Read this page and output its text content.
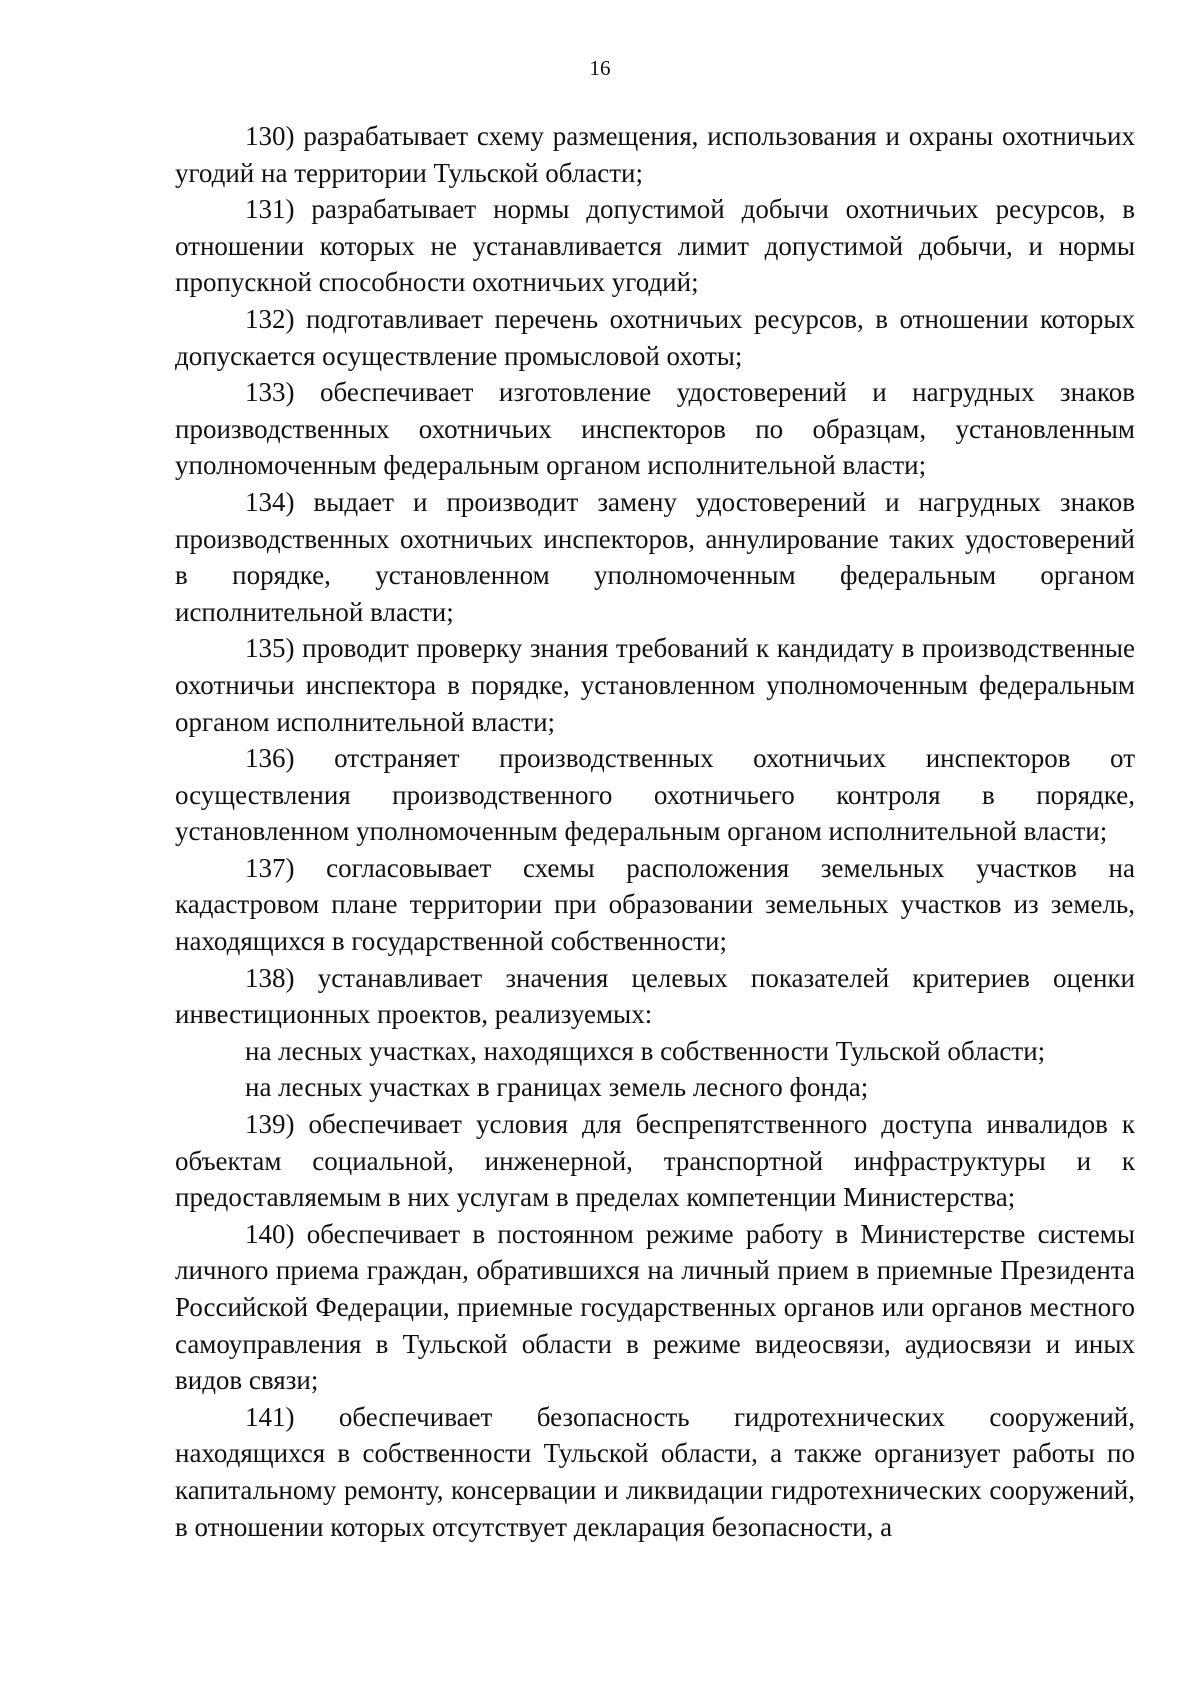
16

130) разрабатывает схему размещения, использования и охраны охотничьих угодий на территории Тульской области;

131) разрабатывает нормы допустимой добычи охотничьих ресурсов, в отношении которых не устанавливается лимит допустимой добычи, и нормы пропускной способности охотничьих угодий;

132) подготавливает перечень охотничьих ресурсов, в отношении которых допускается осуществление промысловой охоты;

133) обеспечивает изготовление удостоверений и нагрудных знаков производственных охотничьих инспекторов по образцам, установленным уполномоченным федеральным органом исполнительной власти;

134) выдает и производит замену удостоверений и нагрудных знаков производственных охотничьих инспекторов, аннулирование таких удостоверений в порядке, установленном уполномоченным федеральным органом исполнительной власти;

135) проводит проверку знания требований к кандидату в производственные охотничьи инспектора в порядке, установленном уполномоченным федеральным органом исполнительной власти;

136) отстраняет производственных охотничьих инспекторов от осуществления производственного охотничьего контроля в порядке, установленном уполномоченным федеральным органом исполнительной власти;

137) согласовывает схемы расположения земельных участков на кадастровом плане территории при образовании земельных участков из земель, находящихся в государственной собственности;

138) устанавливает значения целевых показателей критериев оценки инвестиционных проектов, реализуемых:

на лесных участках, находящихся в собственности Тульской области;

на лесных участках в границах земель лесного фонда;

139) обеспечивает условия для беспрепятственного доступа инвалидов к объектам социальной, инженерной, транспортной инфраструктуры и к предоставляемым в них услугам в пределах компетенции Министерства;

140) обеспечивает в постоянном режиме работу в Министерстве системы личного приема граждан, обратившихся на личный прием в приемные Президента Российской Федерации, приемные государственных органов или органов местного самоуправления в Тульской области в режиме видеосвязи, аудиосвязи и иных видов связи;

141) обеспечивает безопасность гидротехнических сооружений, находящихся в собственности Тульской области, а также организует работы по капитальному ремонту, консервации и ликвидации гидротехнических сооружений, в отношении которых отсутствует декларация безопасности, а
